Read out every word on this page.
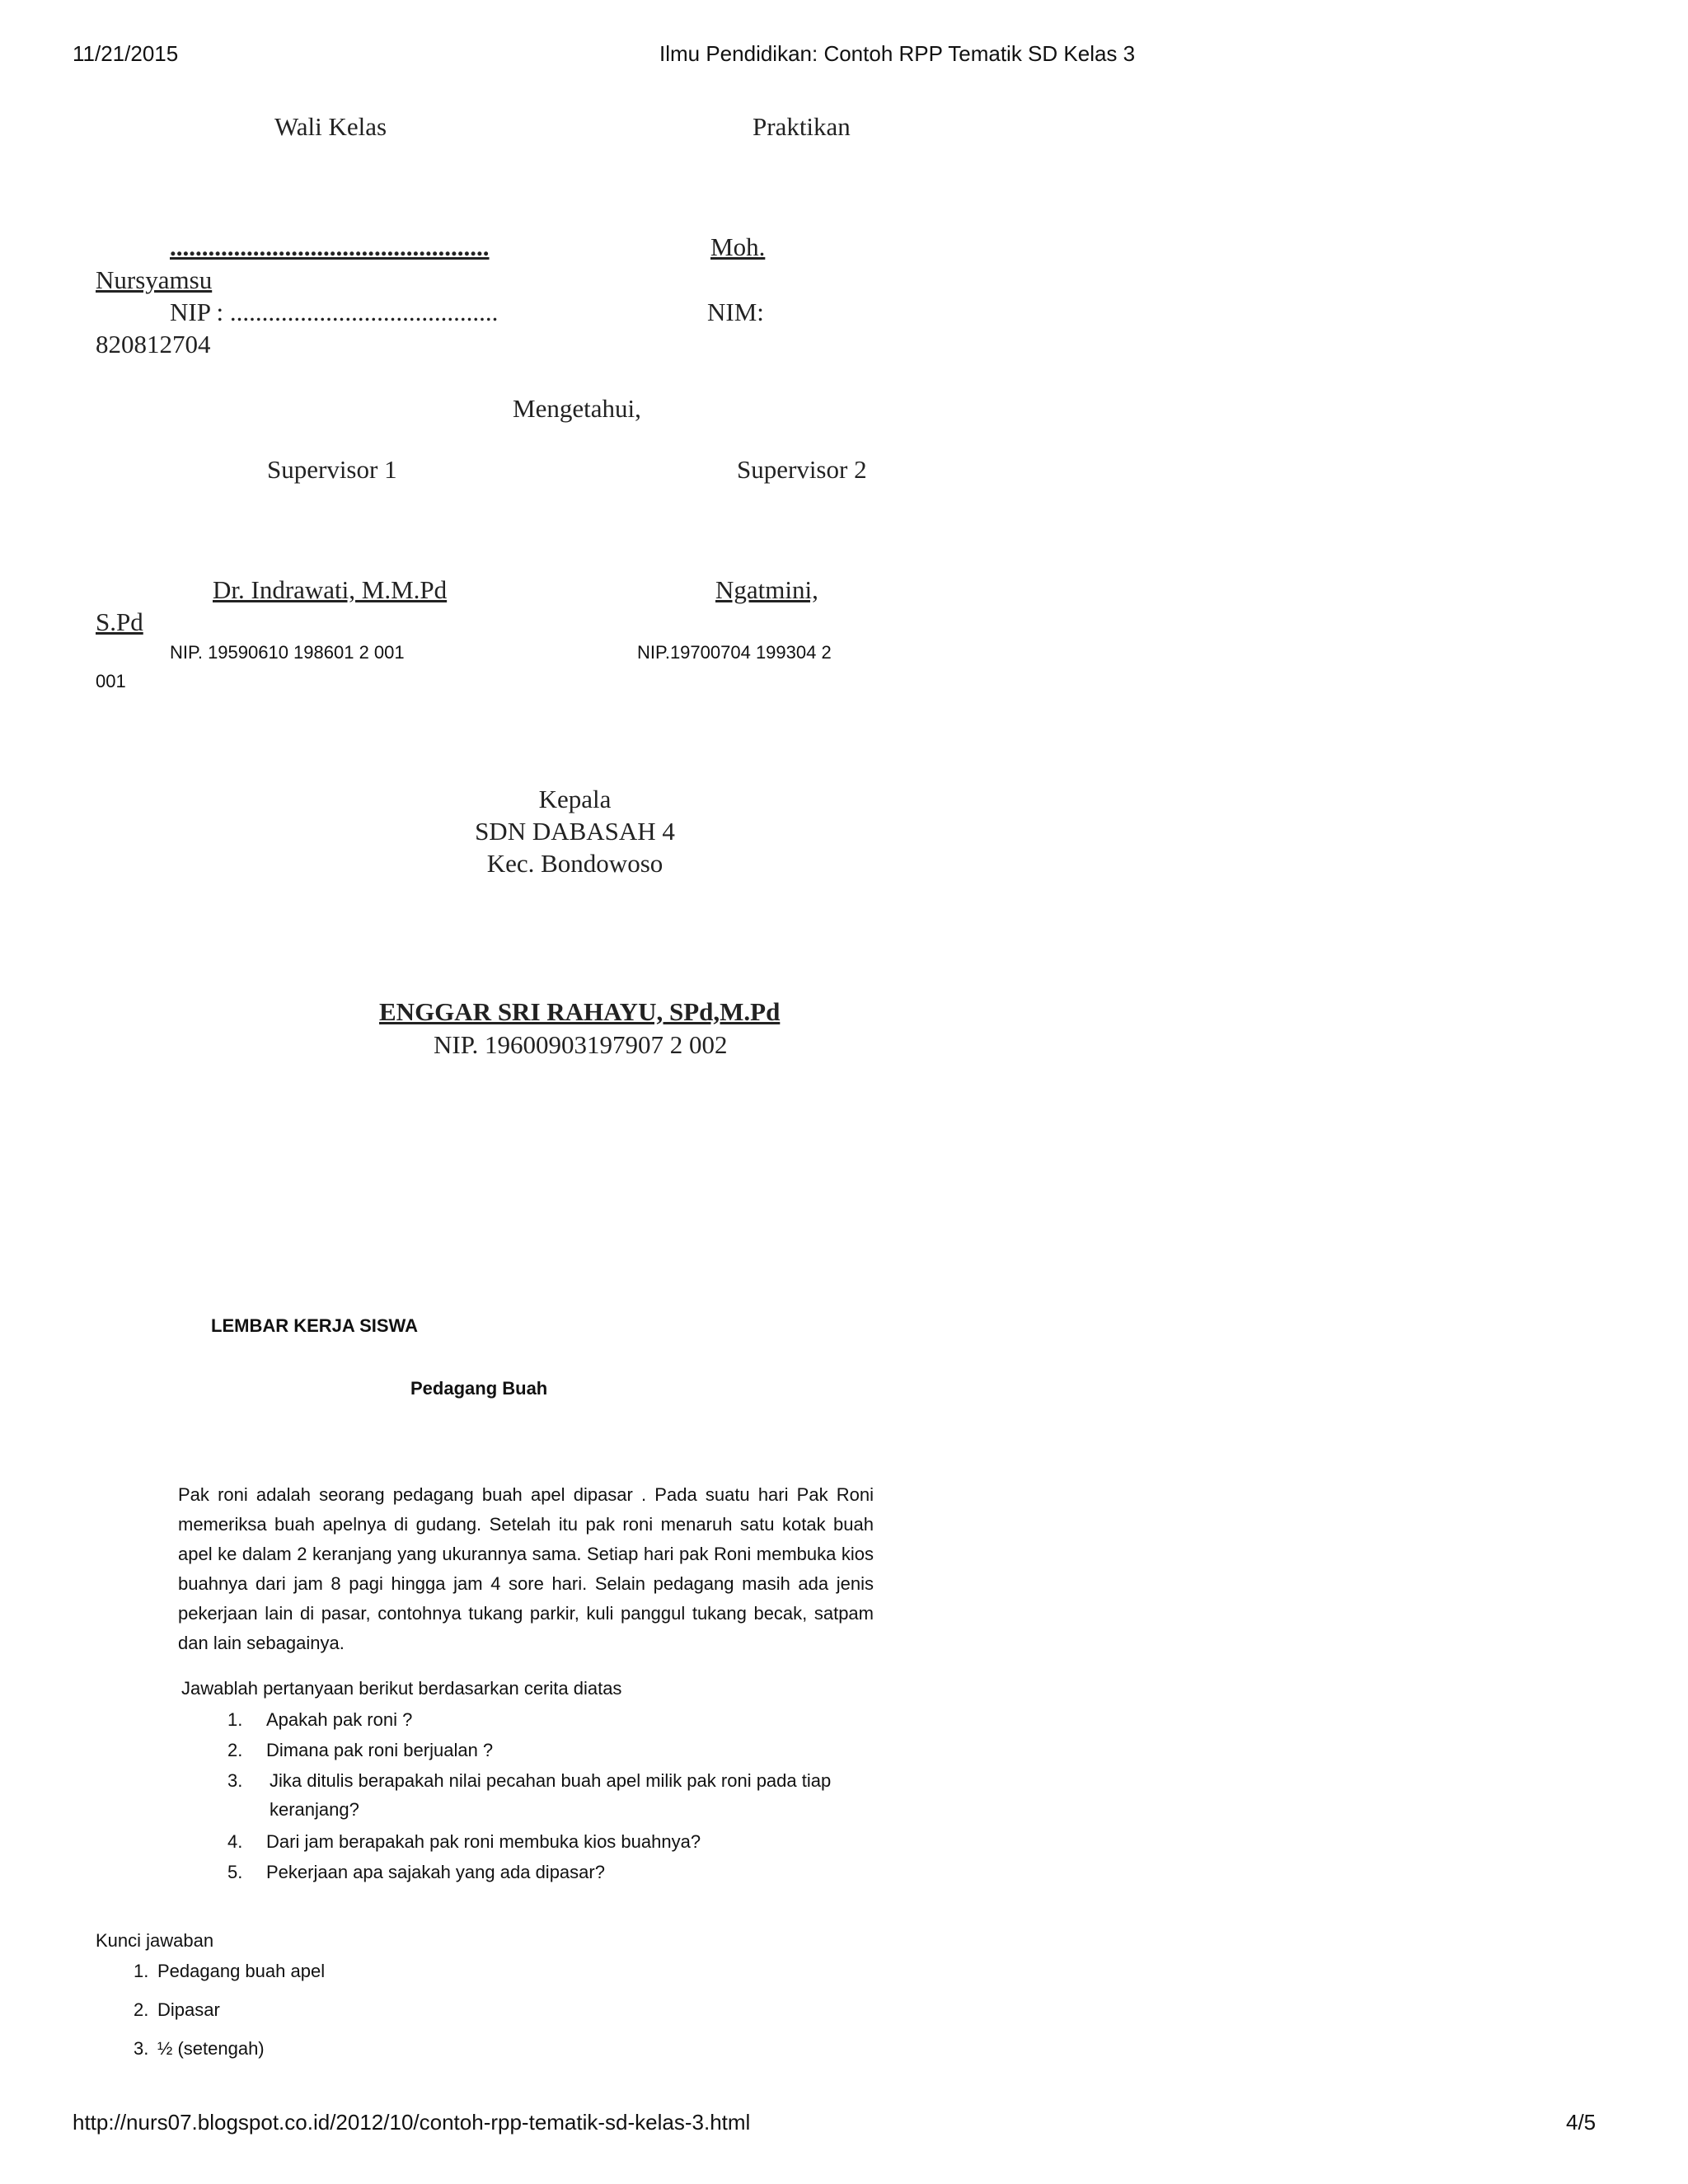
11/21/2015	Ilmu Pendidikan: Contoh RPP Tematik SD Kelas 3
Wali Kelas	Praktikan
..................................................	Moh.
Nursyamsu
NIP : ..........................................	NIM:
820812704
Mengetahui,
Supervisor 1	Supervisor 2
Dr. Indrawati, M.M.Pd	Ngatmini,
S.Pd
NIP. 19590610 198601 2 001	NIP.19700704 199304 2
001
Kepala
SDN DABASAH 4
Kec. Bondowoso
ENGGAR SRI RAHAYU, SPd,M.Pd
NIP. 19600903197907 2 002
LEMBAR KERJA SISWA
Pedagang Buah
Pak roni adalah seorang pedagang buah apel dipasar . Pada suatu hari Pak Roni memeriksa buah apelnya di gudang. Setelah itu pak roni menaruh satu kotak buah apel ke dalam 2 keranjang yang ukurannya sama. Setiap hari pak Roni membuka kios buahnya dari jam 8 pagi hingga jam 4 sore hari. Selain pedagang masih ada jenis pekerjaan lain di pasar, contohnya tukang parkir, kuli panggul tukang becak, satpam dan lain sebagainya.
Jawablah pertanyaan berikut berdasarkan cerita diatas
1. Apakah pak roni ?
2. Dimana pak roni berjualan ?
3. Jika ditulis berapakah nilai pecahan buah apel milik pak roni pada tiap
keranjang?
4. Dari jam berapakah pak roni membuka kios buahnya?
5. Pekerjaan apa sajakah yang ada dipasar?
Kunci jawaban
1. Pedagang buah apel
2. Dipasar
3. ½ (setengah)
http://nurs07.blogspot.co.id/2012/10/contoh-rpp-tematik-sd-kelas-3.html	4/5
